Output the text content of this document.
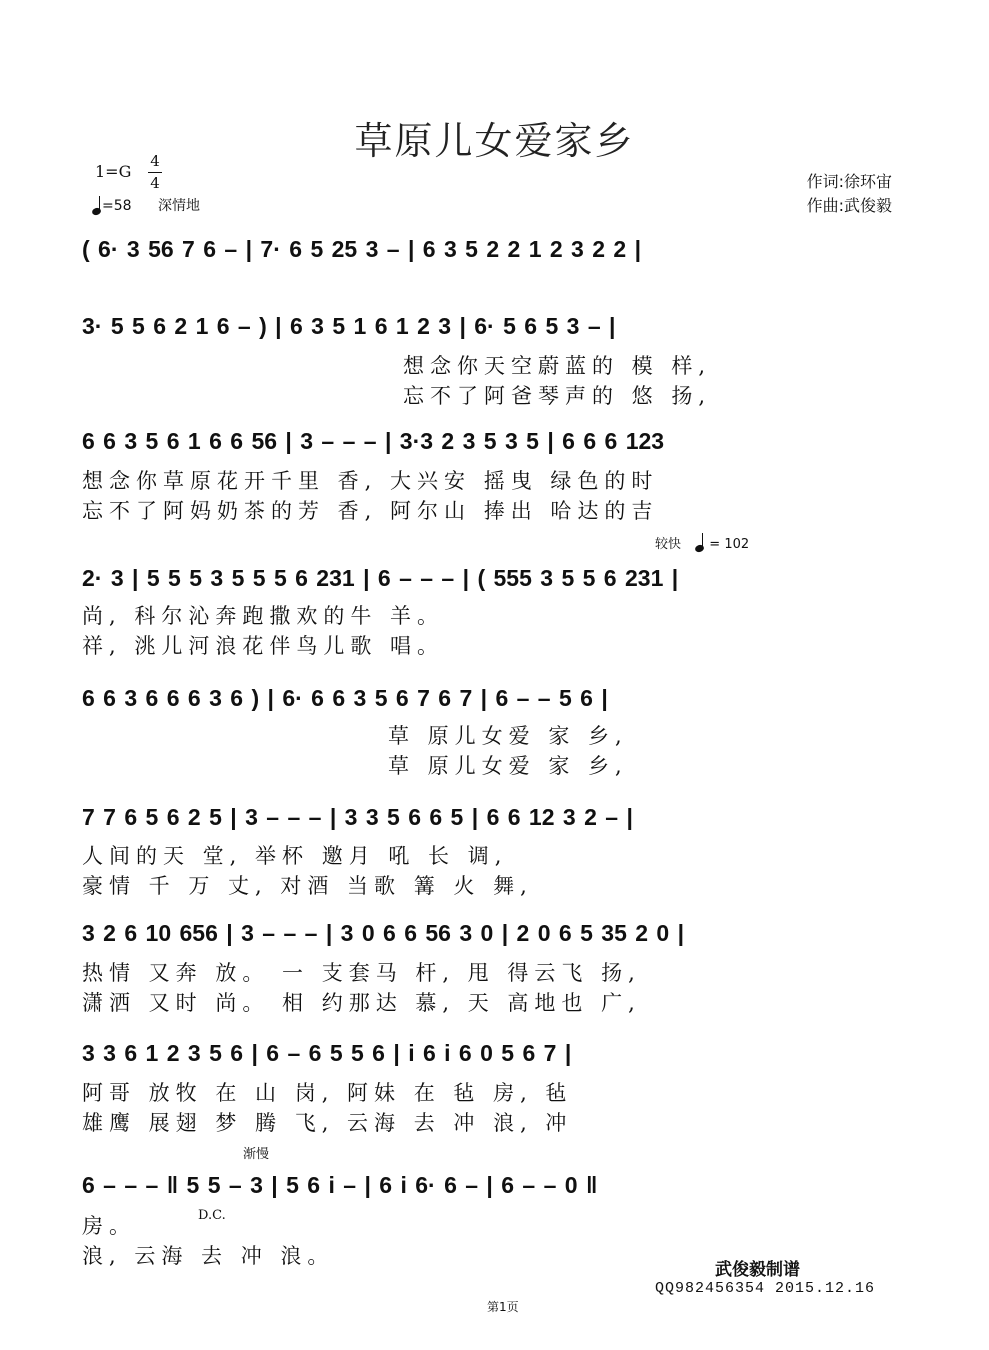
草原儿女爱家乡
1=G
4
4
=58 深情地
作词:徐环宙
作曲:武俊毅
( 6· 3 56 7 6 – | 7· 6 5 25 3 – | 6 3 5 2 2 1 2 3 2 2 |
3· 5 5 6 2 1 6 – ) | 6 3 5 1 6 1 2 3 | 6· 5 6 5 3 – |
想念你天空蔚蓝的 模 样,
忘不了阿爸琴声的 悠 扬,
6 6 3 5 6 1 6 6 56 | 3 – – – | 3·3 2 3 5 3 5 | 6 6 6 123
想念你草原花开千里 香, 大兴安 摇曳 绿色的时
忘不了阿妈奶茶的芳 香, 阿尔山 捧出 哈达的吉
较快 = 102
2· 3 | 5 5 5 3 5 5 5 6 231 | 6 – – – | ( 555 3 5 5 6 231 |
尚, 科尔沁奔跑撒欢的牛 羊。
祥, 洮儿河浪花伴鸟儿歌 唱。
6 6 3 6 6 6 3 6 ) | 6· 6 6 3 5 6 7 6 7 | 6 – – 5 6 |
草 原儿女爱 家 乡,
草 原儿女爱 家 乡,
7 7 6 5 6 2 5 | 3 – – – | 3 3 5 6 6 5 | 6 6 12 3 2 – |
人间的天 堂, 举杯 邀月 吼 长 调,
豪情 千 万 丈, 对酒 当歌 篝 火 舞,
3 2 6 10 656 | 3 – – – | 3 0 6 6 56 3 0 | 2 0 6 5 35 2 0 |
热情 又奔 放。 一 支套马 杆, 甩 得云飞 扬,
潇洒 又时 尚。 相 约那达 慕, 天 高地也 广,
3 3 6 1 2 3 5 6 | 6 – 6 5 5 6 | i 6 i 6 0 5 6 7 |
阿哥 放牧 在 山 岗, 阿妹 在 毡 房, 毡
雄鹰 展翅 梦 腾 飞, 云海 去 冲 浪, 冲
渐慢
6 – – – ‖ 5 5 – 3 | 5 6 i – | 6 i 6· 6 – | 6 – – 0 ‖
D.C.
房。
浪, 云海 去 冲 浪。
武俊毅制谱
QQ982456354 2015.12.16
第1页
